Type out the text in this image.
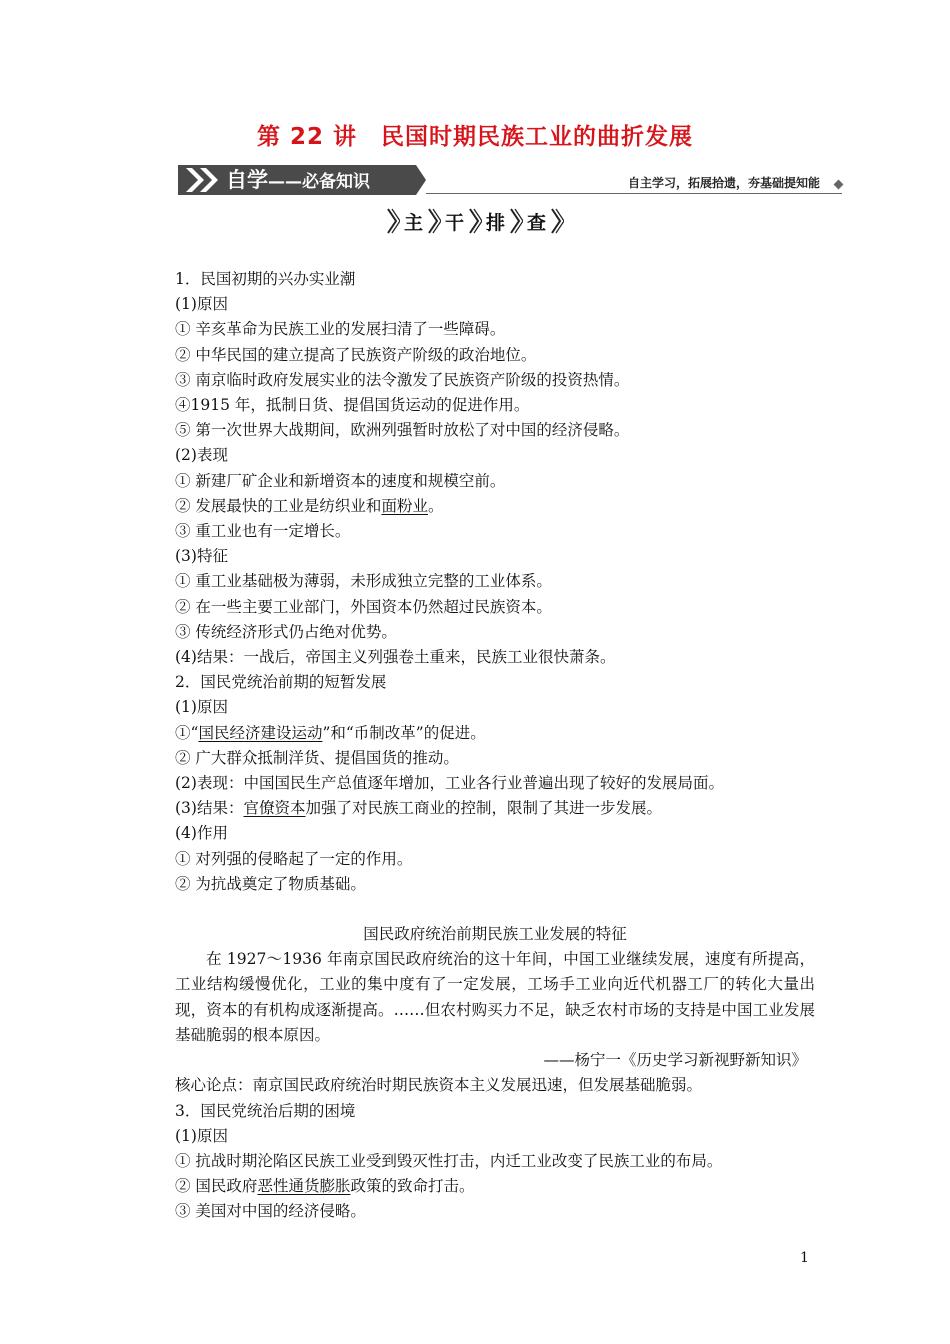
第 22 讲　民国时期民族工业的曲折发展
自学——必备知识	自主学习，拓展拾遗，夯基础提知能
主 干 排 查
1．民国初期的兴办实业潮
(1)原因
① 辛亥革命为民族工业的发展扫清了一些障碍。
② 中华民国的建立提高了民族资产阶级的政治地位。
③ 南京临时政府发展实业的法令激发了民族资产阶级的投资热情。
④1915 年，抵制日货、提倡国货运动的促进作用。
⑤ 第一次世界大战期间，欧洲列强暂时放松了对中国的经济侵略。
(2)表现
① 新建厂矿企业和新增资本的速度和规模空前。
② 发展最快的工业是纺织业和面粉业。
③ 重工业也有一定增长。
(3)特征
① 重工业基础极为薄弱，未形成独立完整的工业体系。
② 在一些主要工业部门，外国资本仍然超过民族资本。
③ 传统经济形式仍占绝对优势。
(4)结果：一战后，帝国主义列强卷土重来，民族工业很快萧条。
2．国民党统治前期的短暂发展
(1)原因
①“国民经济建设运动”和“币制改革”的促进。
② 广大群众抵制洋货、提倡国货的推动。
(2)表现：中国国民生产总值逐年增加，工业各行业普遍出现了较好的发展局面。
(3)结果：官僚资本加强了对民族工商业的控制，限制了其进一步发展。
(4)作用
① 对列强的侵略起了一定的作用。
② 为抗战奠定了物质基础。
国民政府统治前期民族工业发展的特征
在 1927～1936 年南京国民政府统治的这十年间，中国工业继续发展，速度有所提高，工业结构缓慢优化，工业的集中度有了一定发展，工场手工业向近代机器工厂的转化大量出现，资本的有机构成逐渐提高。……但农村购买力不足，缺乏农村市场的支持是中国工业发展基础脆弱的根本原因。
——杨宁一《历史学习新视野新知识》
核心论点：南京国民政府统治时期民族资本主义发展迅速，但发展基础脆弱。
3．国民党统治后期的困境
(1)原因
① 抗战时期沦陷区民族工业受到毁灭性打击，内迁工业改变了民族工业的布局。
② 国民政府恶性通货膨胀政策的致命打击。
③ 美国对中国的经济侵略。
1
